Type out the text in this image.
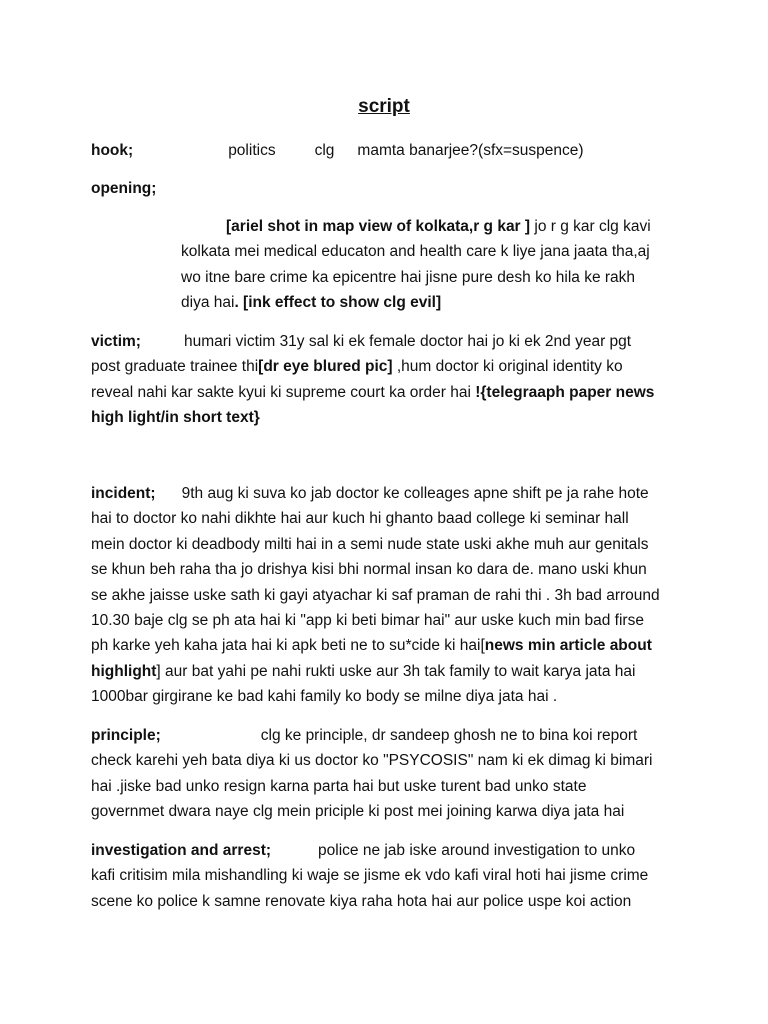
script
hook;	politics	clg mamta banarjee?(sfx=suspence)
opening;
[ariel shot in map view of kolkata,r g kar ] jo r g kar clg kavi
kolkata mei medical educaton and health care k liye jana jaata tha,aj
wo itne bare crime ka epicentre hai jisne pure desh ko hila ke rakh
diya hai. [ink effect to show clg evil]
victim;	humari victim 31y sal ki ek female doctor hai jo ki ek 2nd year pgt
post graduate trainee thi[dr eye blured pic] ,hum doctor ki original identity ko
reveal nahi kar sakte kyui ki supreme court ka order hai !{telegraaph paper news
high light/in short text}
incident; 9th aug ki suva ko jab doctor ke colleages apne shift pe ja rahe hote
hai to doctor ko nahi dikhte hai aur kuch hi ghanto baad college ki seminar hall
mein doctor ki deadbody milti hai in a semi nude state uski akhe muh aur genitals
se khun beh raha tha jo drishya kisi bhi normal insan ko dara de. mano uski khun
se akhe jaisse uske sath ki gayi atyachar ki saf praman de rahi thi . 3h bad arround
10.30 baje clg se ph ata hai ki "app ki beti bimar hai" aur uske kuch min bad firse
ph karke yeh kaha jata hai ki apk beti ne to su*cide ki hai[news min article about
highlight] aur bat yahi pe nahi rukti uske aur 3h tak family to wait karya jata hai
1000bar girgirane ke bad kahi family ko body se milne diya jata hai .
principle;	clg ke principle, dr sandeep ghosh ne to bina koi report
check karehi yeh bata diya ki us doctor ko "PSYCOSIS" nam ki ek dimag ki bimari
hai .jiske bad unko resign karna parta hai but uske turent bad unko state
governmet dwara naye clg mein priciple ki post mei joining karwa diya jata hai
investigation and arrest;	police ne jab iske around investigation to unko
kafi critisim mila mishandling ki waje se jisme ek vdo kafi viral hoti hai jisme crime
scene ko police k samne renovate kiya raha hota hai aur police uspe koi action
